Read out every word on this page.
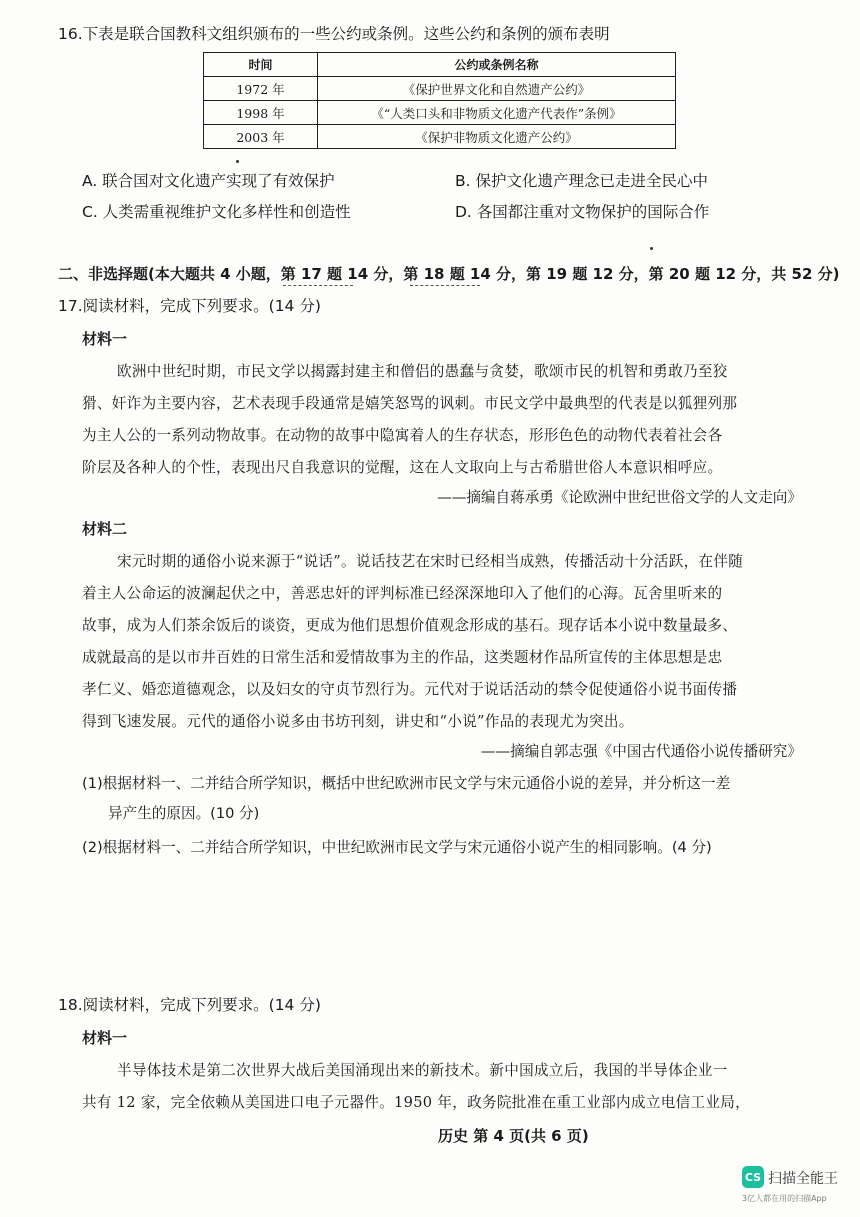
16.下表是联合国教科文组织颁布的一些公约或条例。这些公约和条例的颁布表明
时间	公约或条例名称
1972 年	《保护世界文化和自然遗产公约》
1998 年	《“人类口头和非物质文化遗产代表作”条例》
2003 年	《保护非物质文化遗产公约》
A. 联合国对文化遗产实现了有效保护	B. 保护文化遗产理念已走进全民心中
C. 人类需重视维护文化多样性和创造性	D. 各国都注重对文物保护的国际合作
二、非选择题(本大题共 4 小题，第 17 题 14 分，第 18 题 14 分，第 19 题 12 分，第 20 题 12 分，共 52 分)
17.阅读材料，完成下列要求。(14 分)
材料一
欧洲中世纪时期，市民文学以揭露封建主和僧侣的愚蠢与贪婪，歌颂市民的机智和勇敢乃至狡
猾、奸诈为主要内容，艺术表现手段通常是嬉笑怒骂的讽刺。市民文学中最典型的代表是以狐狸列那
为主人公的一系列动物故事。在动物的故事中隐寓着人的生存状态，形形色色的动物代表着社会各
阶层及各种人的个性，表现出尺自我意识的觉醒，这在人文取向上与古希腊世俗人本意识相呼应。
——摘编自蒋承勇《论欧洲中世纪世俗文学的人文走向》
材料二
宋元时期的通俗小说来源于“说话”。说话技艺在宋时已经相当成熟，传播活动十分活跃，在伴随
着主人公命运的波澜起伏之中，善恶忠奸的评判标准已经深深地印入了他们的心海。瓦舍里听来的
故事，成为人们茶余饭后的谈资，更成为他们思想价值观念形成的基石。现存话本小说中数量最多、
成就最高的是以市井百姓的日常生活和爱情故事为主的作品，这类题材作品所宣传的主体思想是忠
孝仁义、婚恋道德观念，以及妇女的守贞节烈行为。元代对于说话活动的禁令促使通俗小说书面传播
得到飞速发展。元代的通俗小说多由书坊刊刻，讲史和“小说”作品的表现尤为突出。
——摘编自郭志强《中国古代通俗小说传播研究》
(1)根据材料一、二并结合所学知识，概括中世纪欧洲市民文学与宋元通俗小说的差异，并分析这一差
异产生的原因。(10 分)
(2)根据材料一、二并结合所学知识，中世纪欧洲市民文学与宋元通俗小说产生的相同影响。(4 分)
18.阅读材料，完成下列要求。(14 分)
材料一
半导体技术是第二次世界大战后美国涌现出来的新技术。新中国成立后，我国的半导体企业一
共有 12 家，完全依赖从美国进口电子元器件。1950 年，政务院批准在重工业部内成立电信工业局，
历史 第 4 页(共 6 页)
CS 扫描全能王
3亿人都在用的扫描App
